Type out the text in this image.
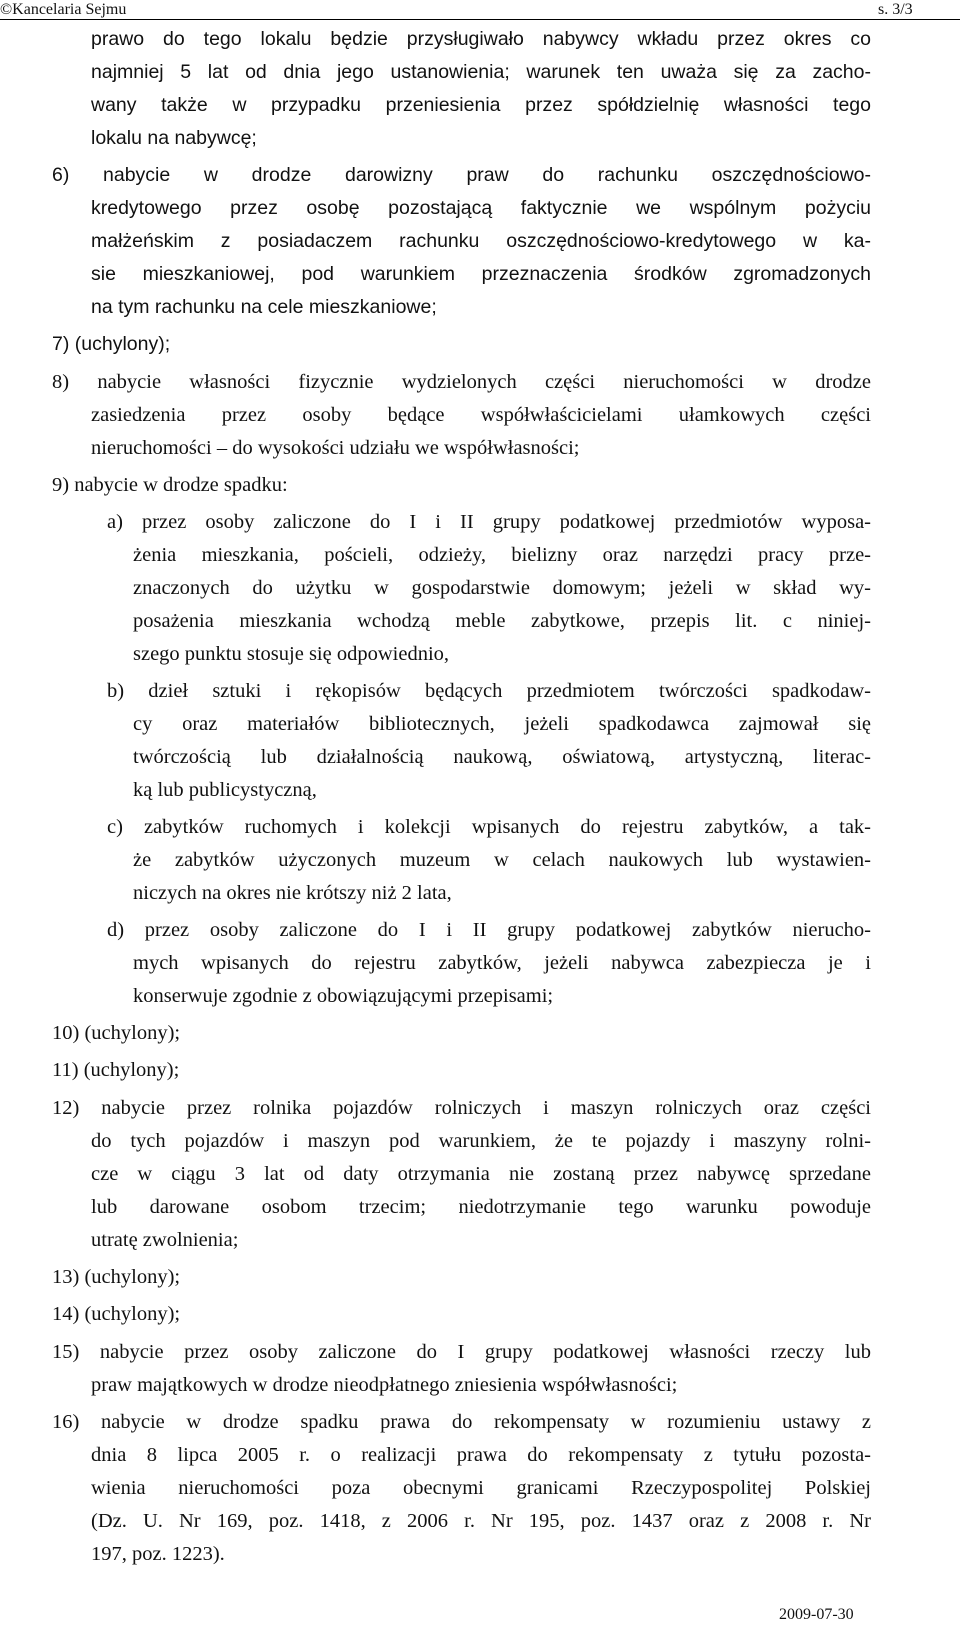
©Kancelaria Sejmu	s. 3/3
prawo do tego lokalu będzie przysługiwało nabywcy wkładu przez okres co
najmniej 5 lat od dnia jego ustanowienia; warunek ten uważa się za zacho-
wany także w przypadku przeniesienia przez spółdzielnię własności tego
lokalu na nabywcę;
6) nabycie w drodze darowizny praw do rachunku oszczędnościowo-
kredytowego przez osobę pozostającą faktycznie we wspólnym pożyciu
małżeńskim z posiadaczem rachunku oszczędnościowo-kredytowego w ka-
sie mieszkaniowej, pod warunkiem przeznaczenia środków zgromadzonych
na tym rachunku na cele mieszkaniowe;
7) (uchylony);
8) nabycie własności fizycznie wydzielonych części nieruchomości w drodze
zasiedzenia przez osoby będące współwłaścicielami ułamkowych części
nieruchomości – do wysokości udziału we współwłasności;
9) nabycie w drodze spadku:
a) przez osoby zaliczone do I i II grupy podatkowej przedmiotów wyposa-
żenia mieszkania, pościeli, odzieży, bielizny oraz narzędzi pracy prze-
znaczonych do użytku w gospodarstwie domowym; jeżeli w skład wy-
posażenia mieszkania wchodzą meble zabytkowe, przepis lit. c niniej-
szego punktu stosuje się odpowiednio,
b) dzieł sztuki i rękopisów będących przedmiotem twórczości spadkodaw-
cy oraz materiałów bibliotecznych, jeżeli spadkodawca zajmował się
twórczością lub działalnością naukową, oświatową, artystyczną, literac-
ką lub publicystyczną,
c) zabytków ruchomych i kolekcji wpisanych do rejestru zabytków, a tak-
że zabytków użyczonych muzeum w celach naukowych lub wystawien-
niczych na okres nie krótszy niż 2 lata,
d) przez osoby zaliczone do I i II grupy podatkowej zabytków nierucho-
mych wpisanych do rejestru zabytków, jeżeli nabywca zabezpiecza je i
konserwuje zgodnie z obowiązującymi przepisami;
10) (uchylony);
11) (uchylony);
12) nabycie przez rolnika pojazdów rolniczych i maszyn rolniczych oraz części
do tych pojazdów i maszyn pod warunkiem, że te pojazdy i maszyny rolni-
cze w ciągu 3 lat od daty otrzymania nie zostaną przez nabywcę sprzedane
lub darowane osobom trzecim; niedotrzymanie tego warunku powoduje
utratę zwolnienia;
13) (uchylony);
14) (uchylony);
15) nabycie przez osoby zaliczone do I grupy podatkowej własności rzeczy lub
praw majątkowych w drodze nieodpłatnego zniesienia współwłasności;
16) nabycie w drodze spadku prawa do rekompensaty w rozumieniu ustawy z
dnia 8 lipca 2005 r. o realizacji prawa do rekompensaty z tytułu pozosta-
wienia nieruchomości poza obecnymi granicami Rzeczypospolitej Polskiej
(Dz. U. Nr 169, poz. 1418, z 2006 r. Nr 195, poz. 1437 oraz z 2008 r. Nr
197, poz. 1223).
2009-07-30
